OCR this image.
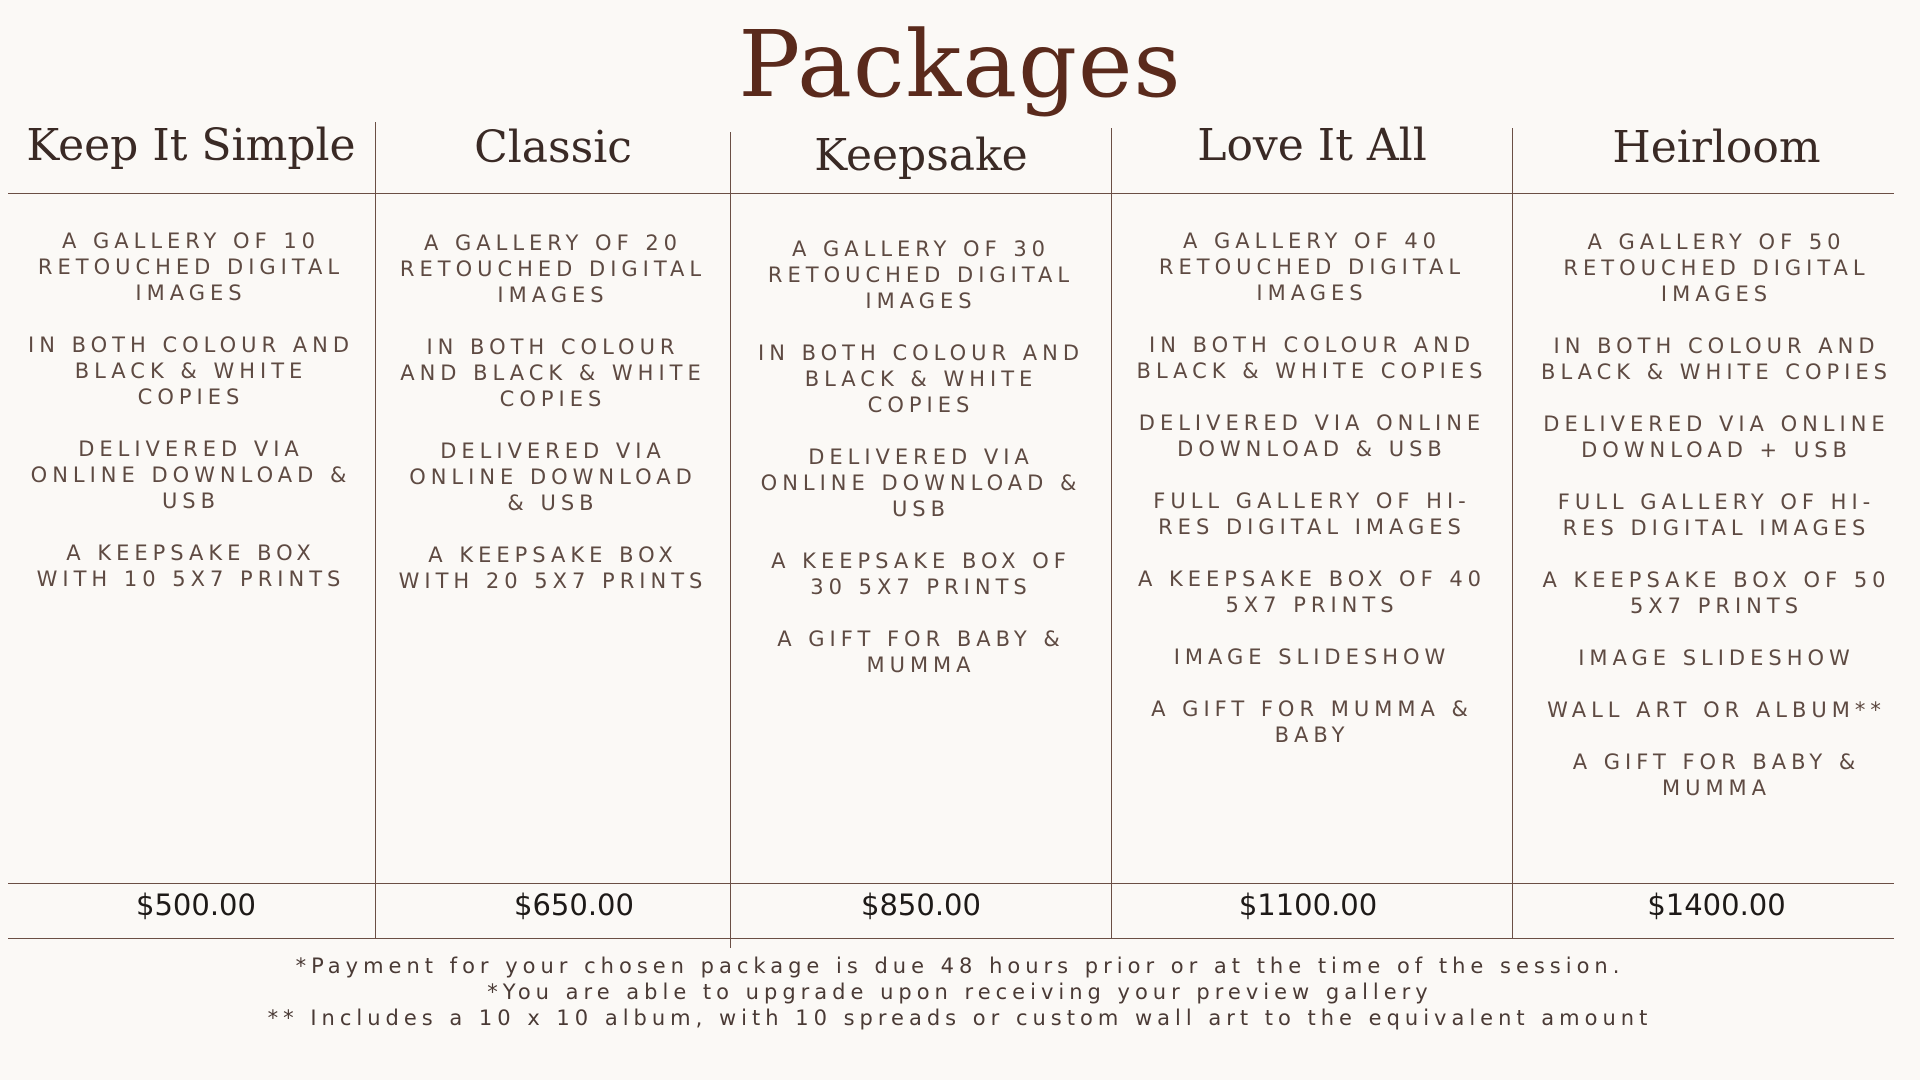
Packages
Keep It Simple
A GALLERY OF 10 RETOUCHED DIGITAL IMAGES
IN BOTH COLOUR AND BLACK & WHITE COPIES
DELIVERED VIA ONLINE DOWNLOAD & USB
A KEEPSAKE BOX WITH 10 5X7 PRINTS
$500.00
Classic
A GALLERY OF 20 RETOUCHED DIGITAL IMAGES
IN BOTH COLOUR AND BLACK & WHITE COPIES
DELIVERED VIA ONLINE DOWNLOAD & USB
A KEEPSAKE BOX WITH 20 5X7 PRINTS
$650.00
Keepsake
A GALLERY OF 30 RETOUCHED DIGITAL IMAGES
IN BOTH COLOUR AND BLACK & WHITE COPIES
DELIVERED VIA ONLINE DOWNLOAD & USB
A KEEPSAKE BOX OF 30 5X7 PRINTS
A GIFT FOR BABY & MUMMA
$850.00
Love It All
A GALLERY OF 40 RETOUCHED DIGITAL IMAGES
IN BOTH COLOUR AND BLACK & WHITE COPIES
DELIVERED VIA ONLINE DOWNLOAD & USB
FULL GALLERY OF HI-RES DIGITAL IMAGES
A KEEPSAKE BOX OF 40 5X7 PRINTS
IMAGE SLIDESHOW
A GIFT FOR MUMMA & BABY
$1100.00
Heirloom
A GALLERY OF 50 RETOUCHED DIGITAL IMAGES
IN BOTH COLOUR AND BLACK & WHITE COPIES
DELIVERED VIA ONLINE DOWNLOAD + USB
FULL GALLERY OF HI-RES DIGITAL IMAGES
A KEEPSAKE BOX OF 50 5X7 PRINTS
IMAGE SLIDESHOW
WALL ART OR ALBUM**
A GIFT FOR BABY & MUMMA
$1400.00
*Payment for your chosen package is due 48 hours prior or at the time of the session.
*You are able to upgrade upon receiving your preview gallery
** Includes a 10 x 10 album, with 10 spreads or custom wall art to the equivalent amount
